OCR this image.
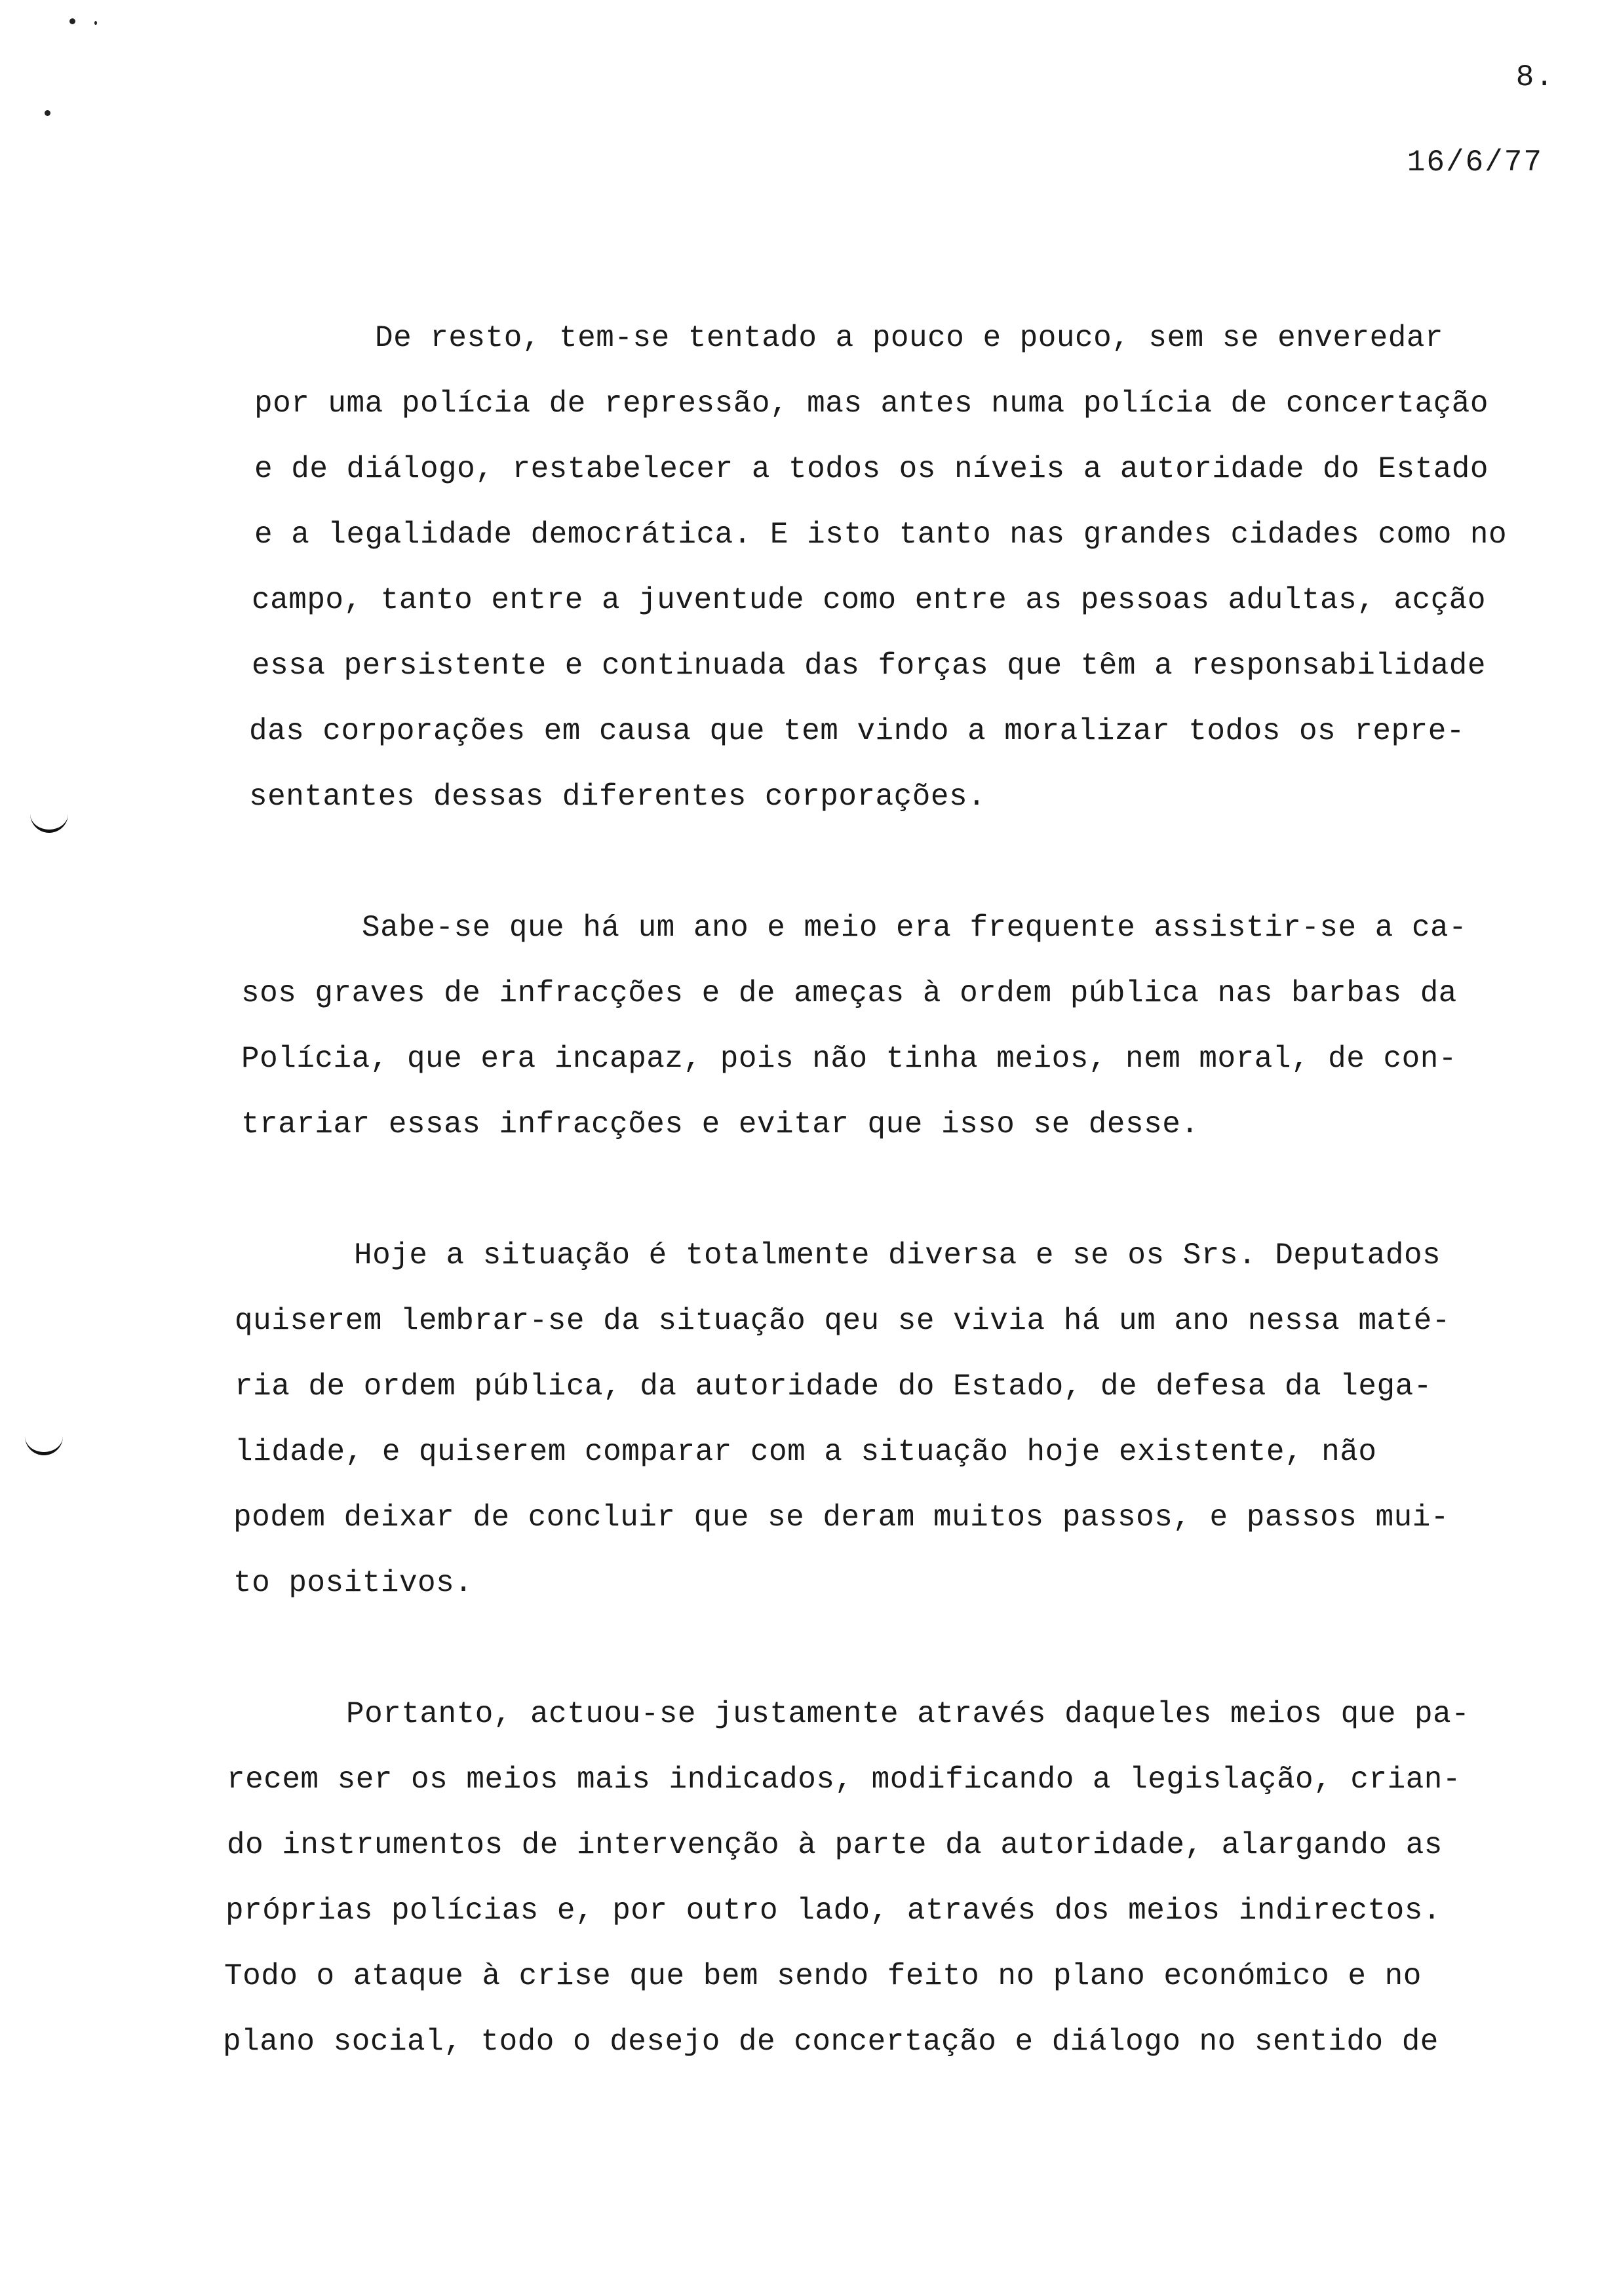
8.
16/6/77
De resto, tem-se tentado a pouco e pouco, sem se enveredar
por uma polícia de repressão, mas antes numa polícia de concertação
e de diálogo, restabelecer a todos os níveis a autoridade do Estado
e a legalidade democrática. E isto tanto nas grandes cidades como no
campo, tanto entre a juventude como entre as pessoas adultas, acção
essa persistente e continuada das forças que têm a responsabilidade
das corporações em causa que tem vindo a moralizar todos os repre-
sentantes dessas diferentes corporações.
Sabe-se que há um ano e meio era frequente assistir-se a ca-
sos graves de infracções e de ameças à ordem pública nas barbas da
Polícia, que era incapaz, pois não tinha meios, nem moral, de con-
trariar essas infracções e evitar que isso se desse.
Hoje a situação é totalmente diversa e se os Srs. Deputados
quiserem lembrar-se da situação qeu se vivia há um ano nessa maté-
ria de ordem pública, da autoridade do Estado, de defesa da lega-
lidade, e quiserem comparar com a situação hoje existente, não
podem deixar de concluir que se deram muitos passos, e passos mui-
to positivos.
Portanto, actuou-se justamente através daqueles meios que pa-
recem ser os meios mais indicados, modificando a legislação, crian-
do instrumentos de intervenção à parte da autoridade, alargando as
próprias polícias e, por outro lado, através dos meios indirectos.
Todo o ataque à crise que bem sendo feito no plano económico e no
plano social, todo o desejo de concertação e diálogo no sentido de
